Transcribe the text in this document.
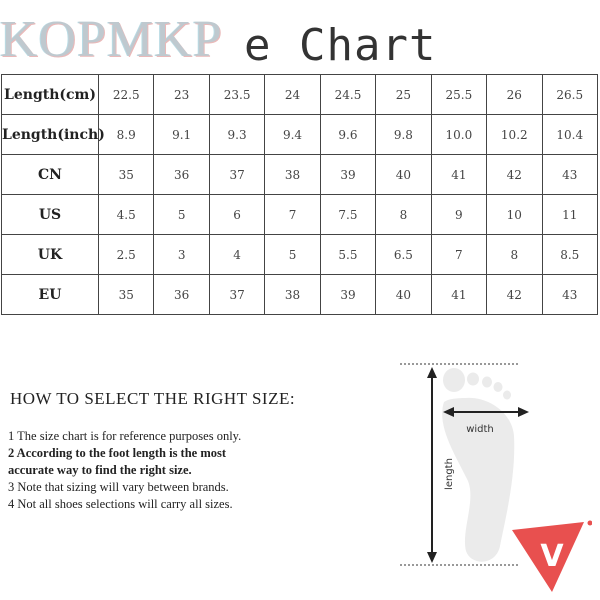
KOPMKP e Chart
Length(cm)	22.5	23	23.5	24	24.5	25	25.5	26	26.5
Length(inch)	8.9	9.1	9.3	9.4	9.6	9.8	10.0	10.2	10.4
CN	35	36	37	38	39	40	41	42	43
US	4.5	5	6	7	7.5	8	9	10	11
UK	2.5	3	4	5	5.5	6.5	7	8	8.5
EU	35	36	37	38	39	40	41	42	43
HOW TO SELECT THE RIGHT SIZE:
1 The size chart is for reference purposes only.
2 According to the foot length is the most
accurate way to find the right size.
3 Note that sizing will vary between brands.
4 Not all shoes selections will carry all sizes.
width
length
V
